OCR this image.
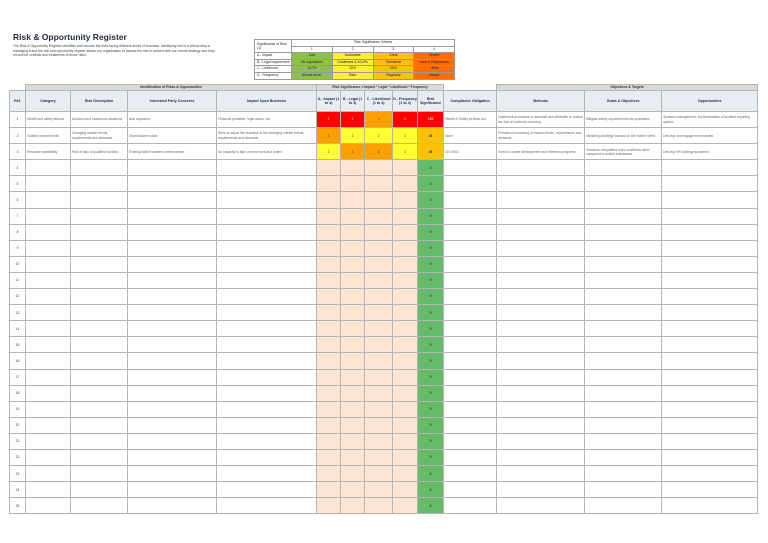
Risk & Opportunity Register
The Risk & Opportunity Register identifies and records the risks facing different areas of business. Identifying risk is a critical step in managing it and the risk and opportunity register allows our organisation to assess the risk in context with our overall strategy and help record the controls and treatments of those risks.
Significance of Risk (1)	Risk Significance Criteria			
	1	2	3	4
A - Impact	Low	Noticeable	Great	Severe
B - Legal requirement	No regulations	Guidelines & ACoPs	Standards	Laws & Regulations
C - Likelihood	<5-7%	10%	25%	>50%
D - Frequency	Almost never	Rare	Regularly	Always
	Identification of Risks & Opportunities				Risk Significance = Impact * Legal * Likelihood * Frequency						Objectives & Targets		
Ref.	Category	Risk Description	Interested Party Concerns	Impact Upon Business	A - Impact (1 to 4)	B - Legal (1 to 4)	C - Likelihood (1 to 4)	D - Frequency (1 to 4)	Risk Significance	Compliance Obligation	Methods	Goals & Objectives	Opportunities
1	Health and safety failures	Accident and hazardous situations	Bad reputation	Financial penalties, legal action, etc	4	4	3	4	192	Health & Safety at Work Act	Implement processes to ascertain and eliminate or reduce the risk of incidents occurring	Mitigate safety requirements into processes	Systems management, implementation of incident reporting system
2	Volatile market trends	Changing market trends, requirements and demands	Shareholders value	Need to adjust the business to the changing market trends, requirements and demands	3	2	2	2	24	None	Persistent monitoring of market trends, requirements and demands	Marketing strategy focused on the market trend	Develop and engage new markets
3	Resource availability	Risk of lack of qualified workers	Existing skilled workers overburdened	No capacity to take on new work and orders	2	3	3	2	36	ISO 9001	Invest in career development and retention programs	Introduce competitive work conditions when compared to similar businesses	Develop HR strategy document
4									0				
5									0				
6									0				
7									0				
8									0				
9									0				
10									0				
11									0				
12									0				
13									0				
14									0				
15									0				
16									0				
17									0				
18									0				
19									0				
20									0				
21									0				
22									0				
23									0				
24									0				
25									0				
